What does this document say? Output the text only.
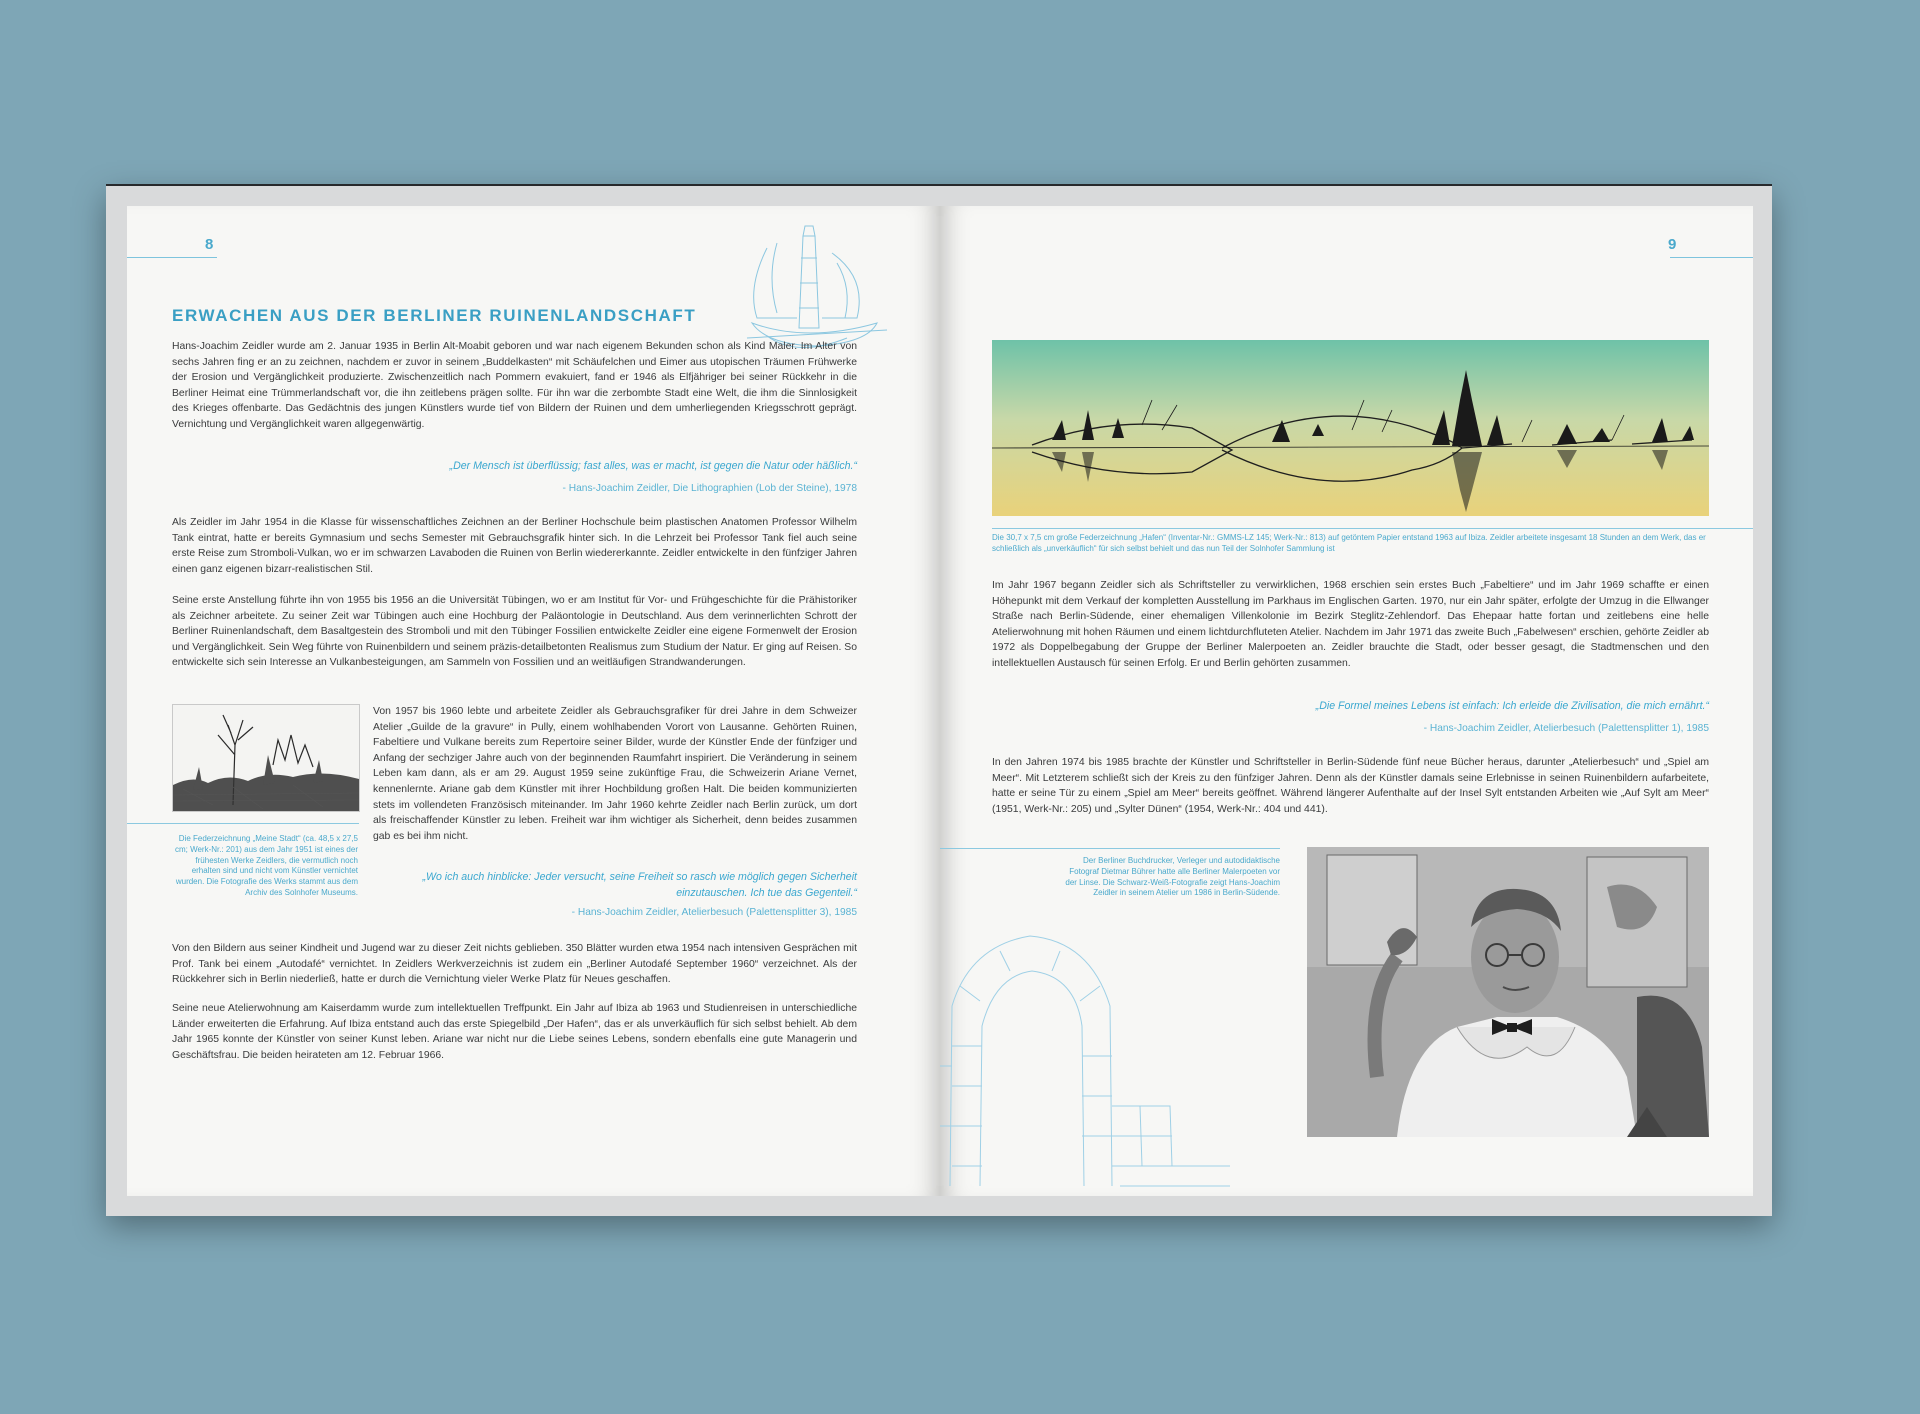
8
ERWACHEN AUS DER BERLINER RUINENLANDSCHAFT

Hans-Joachim Zeidler wurde am 2. Januar 1935 in Berlin Alt-Moabit geboren und war nach eigenem Bekunden schon als Kind Maler. Im Alter von sechs Jahren fing er an zu zeichnen, nachdem er zuvor in seinem „Buddelkasten“ mit Schäufelchen und Eimer aus utopischen Träumen Frühwerke der Erosion und Vergänglichkeit produzierte. Zwischenzeitlich nach Pommern evakuiert, fand er 1946 als Elfjähriger bei seiner Rückkehr in die Berliner Heimat eine Trümmerlandschaft vor, die ihn zeitlebens prägen sollte. Für ihn war die zerbombte Stadt eine Welt, die ihm die Sinnlosigkeit des Krieges offenbarte. Das Gedächtnis des jungen Künstlers wurde tief von Bildern der Ruinen und dem umherliegenden Kriegsschrott geprägt. Vernichtung und Vergänglichkeit waren allgegenwärtig.

„Der Mensch ist überflüssig; fast alles, was er macht, ist gegen die Natur oder häßlich.“

- Hans-Joachim Zeidler, Die Lithographien (Lob der Steine), 1978

Als Zeidler im Jahr 1954 in die Klasse für wissenschaftliches Zeichnen an der Berliner Hochschule beim plastischen Anatomen Professor Wilhelm Tank eintrat, hatte er bereits Gymnasium und sechs Semester mit Gebrauchsgrafik hinter sich. In die Lehrzeit bei Professor Tank fiel auch seine erste Reise zum Stromboli-Vulkan, wo er im schwarzen Lavaboden die Ruinen von Berlin wiedererkannte. Zeidler entwickelte in den fünfziger Jahren einen ganz eigenen bizarr-realistischen Stil.

Seine erste Anstellung führte ihn von 1955 bis 1956 an die Universität Tübingen, wo er am Institut für Vor- und Frühgeschichte für die Prähistoriker als Zeichner arbeitete. Zu seiner Zeit war Tübingen auch eine Hochburg der Paläontologie in Deutschland. Aus dem verinnerlichten Schrott der Berliner Ruinenlandschaft, dem Basaltgestein des Stromboli und mit den Tübinger Fossilien entwickelte Zeidler eine eigene Formenwelt der Erosion und Vergänglichkeit. Sein Weg führte von Ruinenbildern und seinem präzis-detailbetonten Realismus zum Studium der Natur. Er ging auf Reisen. So entwickelte sich sein Interesse an Vulkanbesteigungen, am Sammeln von Fossilien und an weitläufigen Strandwanderungen.

Die Federzeichnung „Meine Stadt“ (ca. 48,5 x 27,5 cm; Werk-Nr.: 201) aus dem Jahr 1951 ist eines der frühesten Werke Zeidlers, die vermutlich noch erhalten sind und nicht vom Künstler vernichtet wurden. Die Fotografie des Werks stammt aus dem Archiv des Solnhofer Museums.

Von 1957 bis 1960 lebte und arbeitete Zeidler als Gebrauchsgrafiker für drei Jahre in dem Schweizer Atelier „Guilde de la gravure“ in Pully, einem wohlhabenden Vorort von Lausanne. Gehörten Ruinen, Fabeltiere und Vulkane bereits zum Repertoire seiner Bilder, wurde der Künstler Ende der fünfziger und Anfang der sechziger Jahre auch von der beginnenden Raumfahrt inspiriert. Die Veränderung in seinem Leben kam dann, als er am 29. August 1959 seine zukünftige Frau, die Schweizerin Ariane Vernet, kennenlernte. Ariane gab dem Künstler mit ihrer Hochbildung großen Halt. Die beiden kommunizierten stets im vollendeten Französisch miteinander. Im Jahr 1960 kehrte Zeidler nach Berlin zurück, um dort als freischaffender Künstler zu leben. Freiheit war ihm wichtiger als Sicherheit, denn beides zusammen gab es bei ihm nicht.

„Wo ich auch hinblicke: Jeder versucht, seine Freiheit so rasch wie möglich gegen Sicherheit einzutauschen. Ich tue das Gegenteil.“

- Hans-Joachim Zeidler, Atelierbesuch (Palettensplitter 3), 1985

Von den Bildern aus seiner Kindheit und Jugend war zu dieser Zeit nichts geblieben. 350 Blätter wurden etwa 1954 nach intensiven Gesprächen mit Prof. Tank bei einem „Autodafé“ vernichtet. In Zeidlers Werkverzeichnis ist zudem ein „Berliner Autodafé September 1960“ verzeichnet. Als der Rückkehrer sich in Berlin niederließ, hatte er durch die Vernichtung vieler Werke Platz für Neues geschaffen.

Seine neue Atelierwohnung am Kaiserdamm wurde zum intellektuellen Treffpunkt. Ein Jahr auf Ibiza ab 1963 und Studienreisen in unterschiedliche Länder erweiterten die Erfahrung. Auf Ibiza entstand auch das erste Spiegelbild „Der Hafen“, das er als unverkäuflich für sich selbst behielt. Ab dem Jahr 1965 konnte der Künstler von seiner Kunst leben. Ariane war nicht nur die Liebe seines Lebens, sondern ebenfalls eine gute Managerin und Geschäftsfrau. Die beiden heirateten am 12. Februar 1966.

9

Die 30,7 x 7,5 cm große Federzeichnung „Hafen“ (Inventar-Nr.: GMMS-LZ 145; Werk-Nr.: 813) auf getöntem Papier entstand 1963 auf Ibiza. Zeidler arbeitete insgesamt 18 Stunden an dem Werk, das er schließlich als „unverkäuflich“ für sich selbst behielt und das nun Teil der Solnhofer Sammlung ist

Im Jahr 1967 begann Zeidler sich als Schriftsteller zu verwirklichen, 1968 erschien sein erstes Buch „Fabeltiere“ und im Jahr 1969 schaffte er einen Höhepunkt mit dem Verkauf der kompletten Ausstellung im Parkhaus im Englischen Garten. 1970, nur ein Jahr später, erfolgte der Umzug in die Ellwanger Straße nach Berlin-Südende, einer ehemaligen Villenkolonie im Bezirk Steglitz-Zehlendorf. Das Ehepaar hatte fortan und zeitlebens eine helle Atelierwohnung mit hohen Räumen und einem lichtdurchfluteten Atelier. Nachdem im Jahr 1971 das zweite Buch „Fabelwesen“ erschien, gehörte Zeidler ab 1972 als Doppelbegabung der Gruppe der Berliner Malerpoeten an. Zeidler brauchte die Stadt, oder besser gesagt, die Stadtmenschen und den intellektuellen Austausch für seinen Erfolg. Er und Berlin gehörten zusammen.

„Die Formel meines Lebens ist einfach: Ich erleide die Zivilisation, die mich ernährt.“

- Hans-Joachim Zeidler, Atelierbesuch (Palettensplitter 1), 1985

In den Jahren 1974 bis 1985 brachte der Künstler und Schriftsteller in Berlin-Südende fünf neue Bücher heraus, darunter „Atelierbesuch“ und „Spiel am Meer“. Mit Letzterem schließt sich der Kreis zu den fünfziger Jahren. Denn als der Künstler damals seine Erlebnisse in seinen Ruinenbildern aufarbeitete, hatte er seine Tür zu einem „Spiel am Meer“ bereits geöffnet. Während längerer Aufenthalte auf der Insel Sylt entstanden Arbeiten wie „Auf Sylt am Meer“ (1951, Werk-Nr.: 205) und „Sylter Dünen“ (1954, Werk-Nr.: 404 und 441).

Der Berliner Buchdrucker, Verleger und autodidaktische Fotograf Dietmar Bührer hatte alle Berliner Malerpoeten vor der Linse. Die Schwarz-Weiß-Fotografie zeigt Hans-Joachim Zeidler in seinem Atelier um 1986 in Berlin-Südende.
